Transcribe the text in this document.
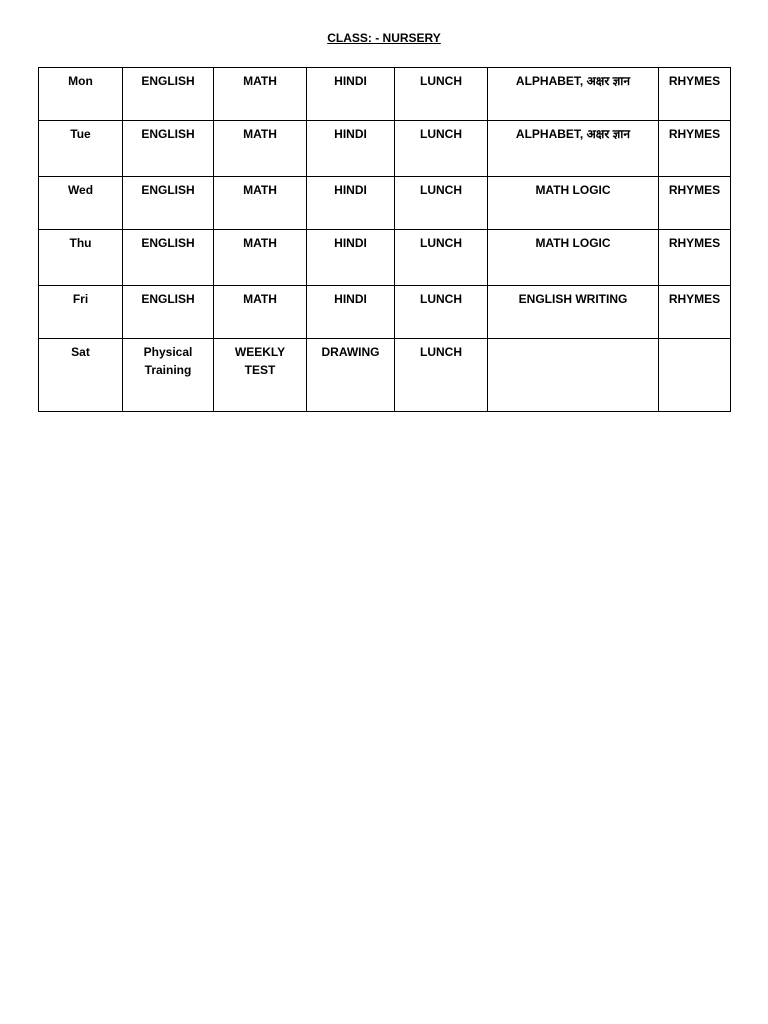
CLASS: - NURSERY
Mon	ENGLISH	MATH	HINDI	LUNCH	ALPHABET, अक्षर ज्ञान	RHYMES
Tue	ENGLISH	MATH	HINDI	LUNCH	ALPHABET, अक्षर ज्ञान	RHYMES
Wed	ENGLISH	MATH	HINDI	LUNCH	MATH LOGIC	RHYMES
Thu	ENGLISH	MATH	HINDI	LUNCH	MATH LOGIC	RHYMES
Fri	ENGLISH	MATH	HINDI	LUNCH	ENGLISH WRITING	RHYMES
Sat	Physical Training	WEEKLY TEST	DRAWING	LUNCH		
